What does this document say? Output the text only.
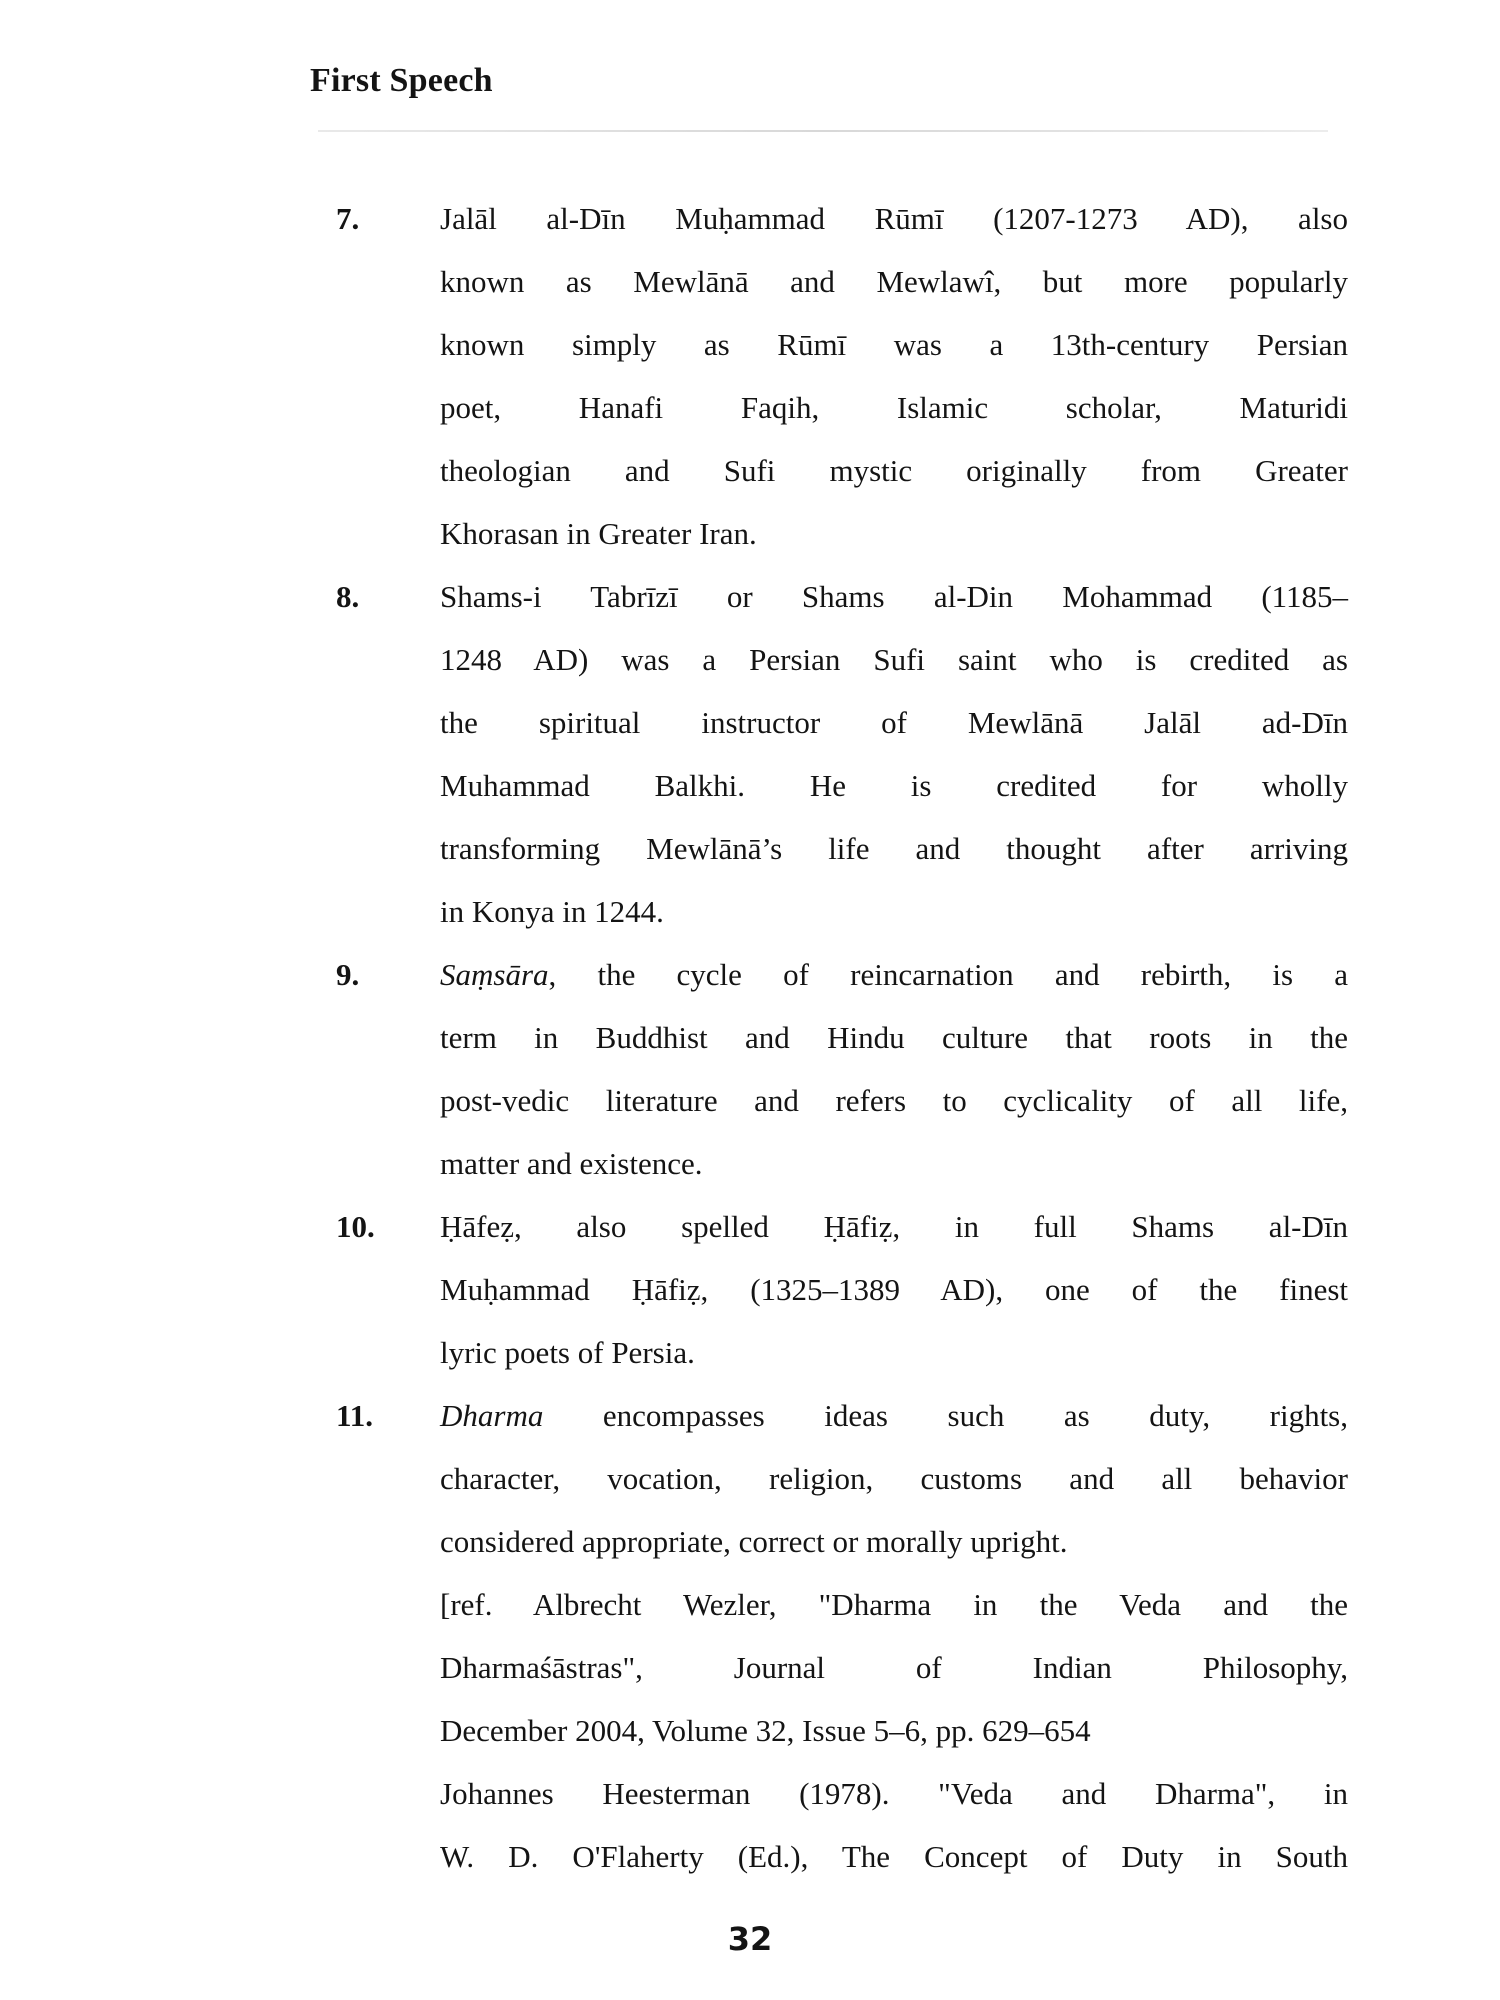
First Speech
7.	Jalāl al-Dīn Muḥammad Rūmī (1207-1273 AD), also
known as Mewlānā and Mewlawî, but more popularly
known simply as Rūmī was a 13th-century Persian
poet, Hanafi Faqih, Islamic scholar, Maturidi
theologian and Sufi mystic originally from Greater
Khorasan in Greater Iran.
8.	Shams-i Tabrīzī or Shams al-Din Mohammad (1185–
1248 AD) was a Persian Sufi saint who is credited as
the spiritual instructor of Mewlānā Jalāl ad-Dīn
Muhammad Balkhi. He is credited for wholly
transforming Mewlānā’s life and thought after arriving
in Konya in 1244.
9.	Saṃsāra, the cycle of reincarnation and rebirth, is a
term in Buddhist and Hindu culture that roots in the
post-vedic literature and refers to cyclicality of all life,
matter and existence.
10. Ḥāfeẓ, also spelled Ḥāfiẓ, in full Shams al-Dīn
Muḥammad Ḥāfiẓ, (1325–1389 AD), one of the finest
lyric poets of Persia.
11. Dharma encompasses ideas such as duty, rights,
character, vocation, religion, customs and all behavior
considered appropriate, correct or morally upright.
[ref. Albrecht Wezler, "Dharma in the Veda and the
Dharmaśāstras", Journal of Indian Philosophy,
December 2004, Volume 32, Issue 5–6, pp. 629–654
Johannes Heesterman (1978). "Veda and Dharma", in
W. D. O'Flaherty (Ed.), The Concept of Duty in South
32
